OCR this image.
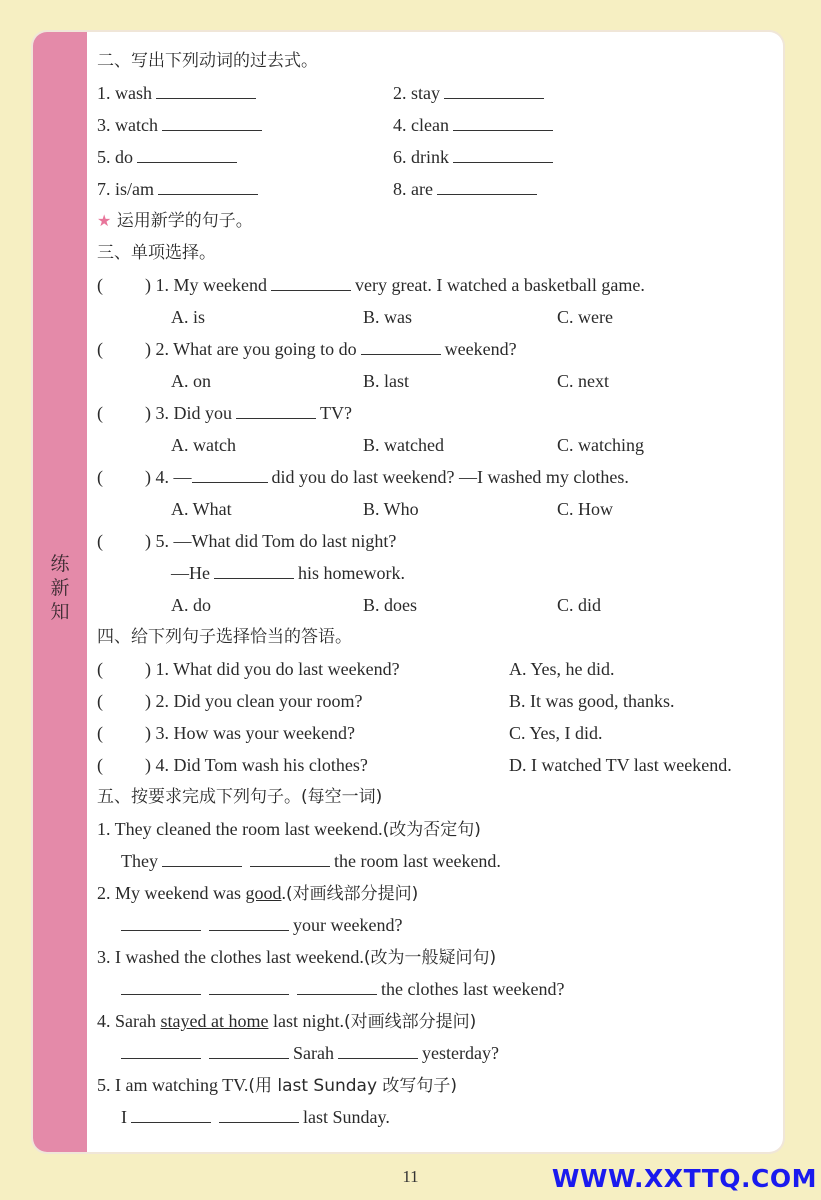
练
新
知
二、写出下列动词的过去式。
1. wash	2. stay
3. watch	4. clean
5. do	6. drink
7. is/am	8. are
★ 运用新学的句子。
三、单项选择。
( ) 1. My weekend	very great. I watched a basketball game.
A. is	B. was	C. were
( ) 2. What are you going to do	weekend?
A. on	B. last	C. next
( ) 3. Did you	TV?
A. watch	B. watched	C. watching
( ) 4. —	did you do last weekend? —I washed my clothes.
A. What	B. Who	C. How
( ) 5. —What did Tom do last night?
—He	his homework.
A. do	B. does	C. did
四、给下列句子选择恰当的答语。
( ) 1. What did you do last weekend?	A. Yes, he did.
( ) 2. Did you clean your room?	B. It was good, thanks.
( ) 3. How was your weekend?	C. Yes, I did.
( ) 4. Did Tom wash his clothes?	D. I watched TV last weekend.
五、按要求完成下列句子。(每空一词)
1. They cleaned the room last weekend.(改为否定句)
They	the room last weekend.
2. My weekend was good.(对画线部分提问)
your weekend?
3. I washed the clothes last weekend.(改为一般疑问句)
the clothes last weekend?
4. Sarah stayed at home last night.(对画线部分提问)
Sarah	yesterday?
5. I am watching TV.(用 last Sunday 改写句子)
I	last Sunday.
11	WWW.XXTTQ.COM
